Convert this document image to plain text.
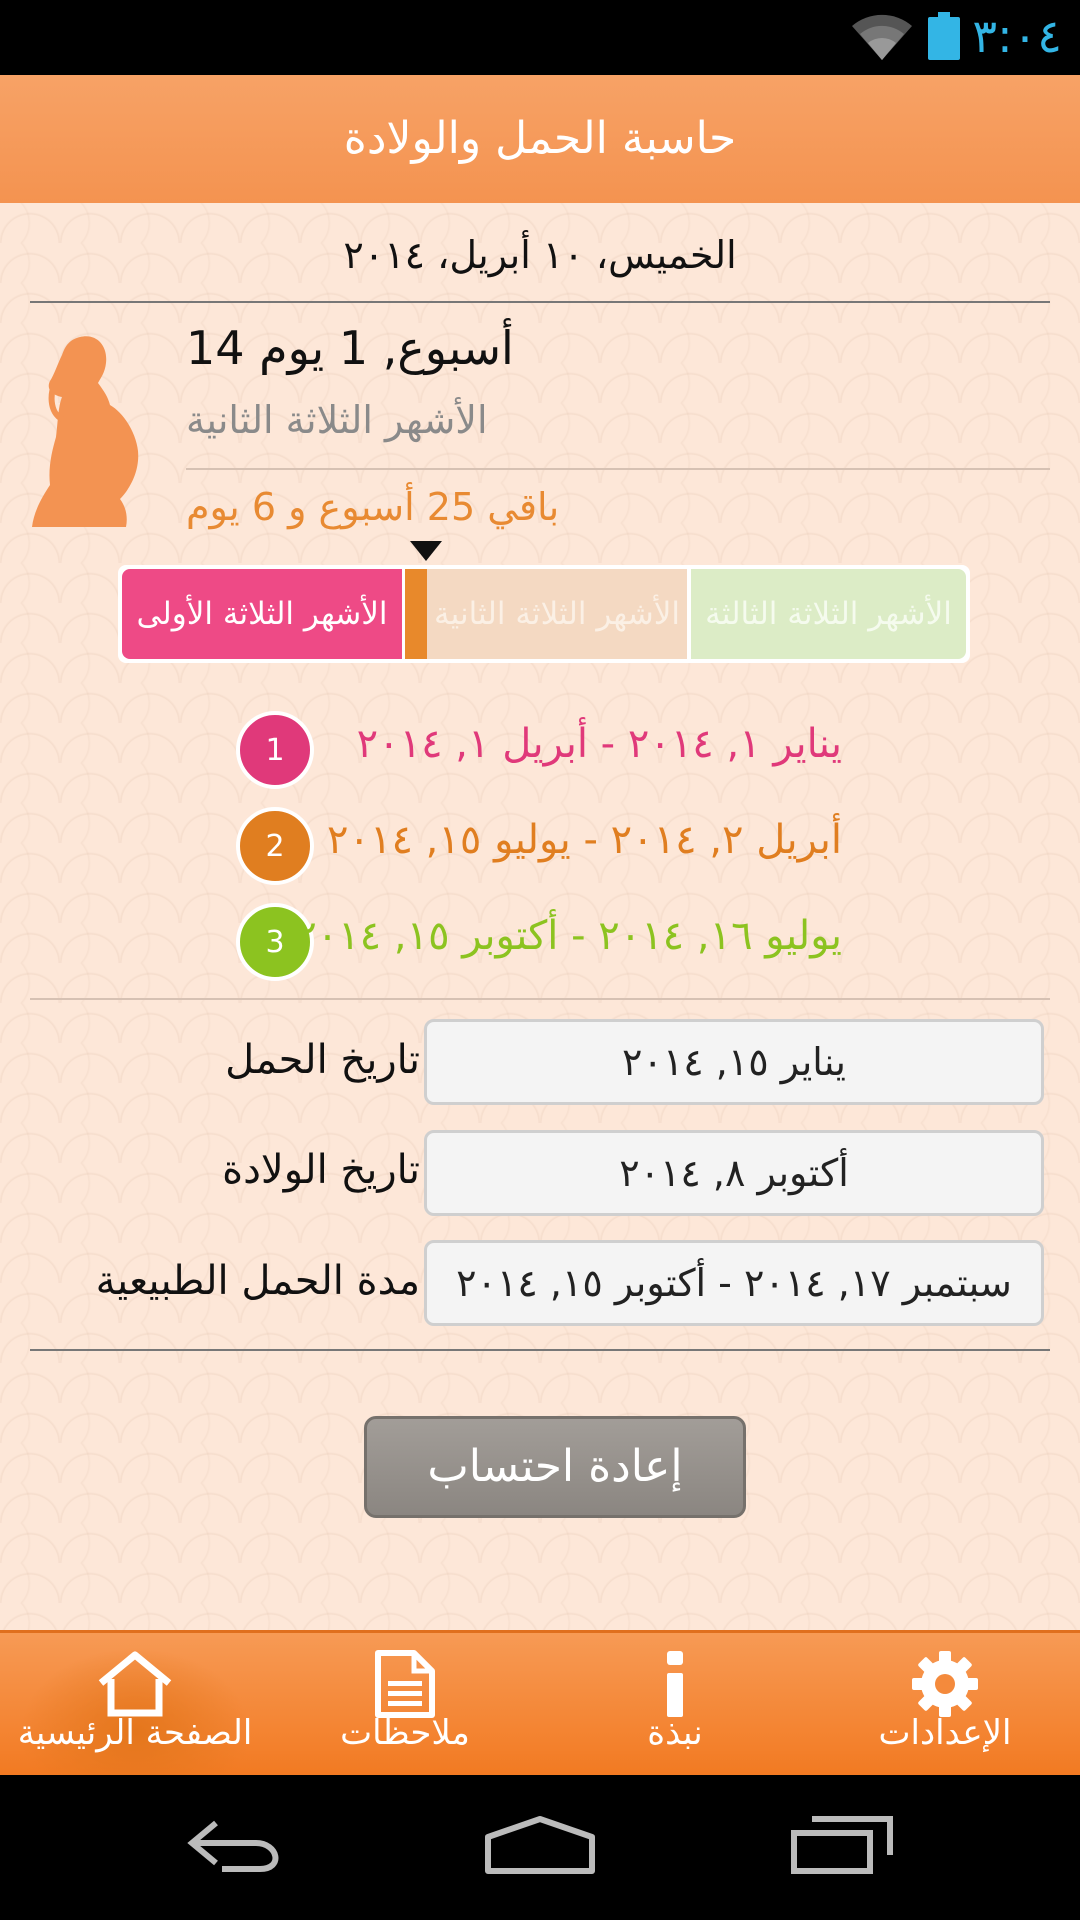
٣:٠٤
حاسبة الحمل والولادة
الخميس، ١٠ أبريل، ٢٠١٤
14 أسبوع, 1 يوم
الأشهر الثلاثة الثانية
باقي 25 أسبوع و 6 يوم
الأشهر الثلاثة الأولى	الأشهر الثلاثة الثانية الأشهر الثلاثة الثالثة
1	يناير ١, ٢٠١٤ - أبريل ١, ٢٠١٤
2	أبريل ٢, ٢٠١٤ - يوليو ١٥, ٢٠١٤
3 يوليو ١٦, ٢٠١٤ - أكتوبر ١٥, ٢٠١٤
تاريخ الحمل	يناير ١٥, ٢٠١٤
تاريخ الولادة	أكتوبر ٨, ٢٠١٤
مدة الحمل الطبيعية سبتمبر ١٧, ٢٠١٤ - أكتوبر ١٥, ٢٠١٤
إعادة احتساب
الصفحة الرئيسية	ملاحظات	نبذة	الإعدادات
